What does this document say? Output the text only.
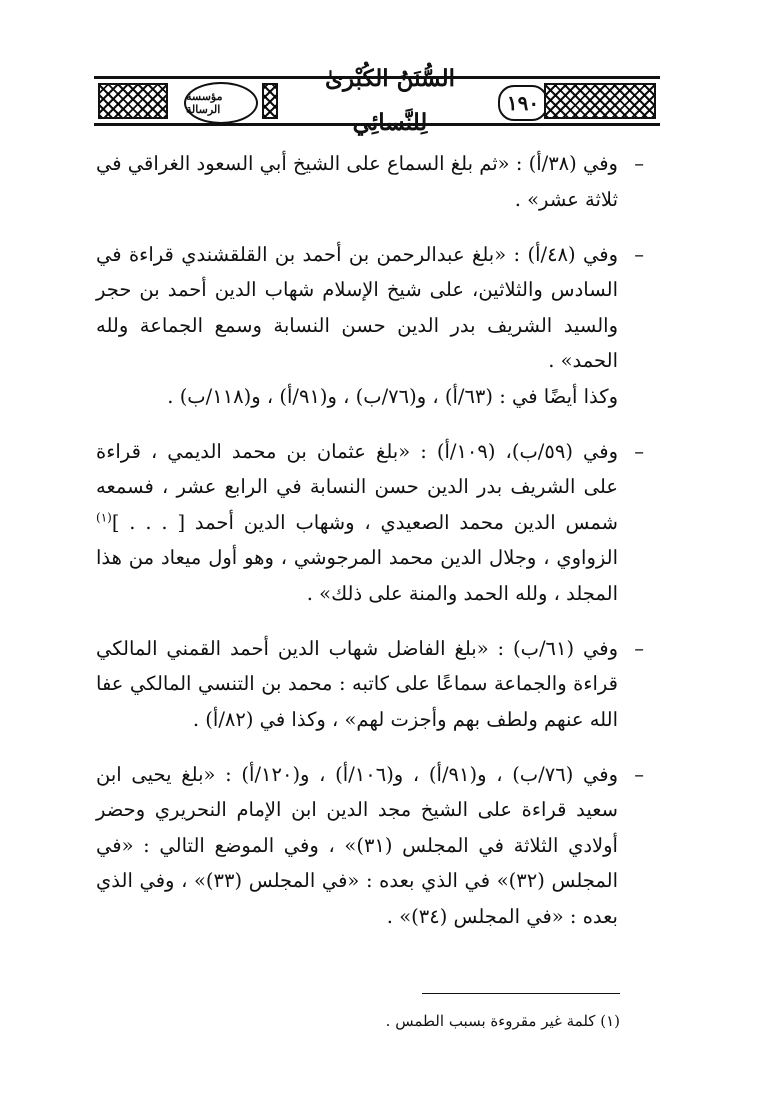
مؤسسة الرسالة
السُّنَنُ الكُبْرىٰ لِلنَّسائِي
١٩٠

–
وفي (٣٨/أ) : «ثم بلغ السماع على الشيخ أبي السعود الغراقي في ثلاثة عشر» .

–
وفي (٤٨/أ) : «بلغ عبدالرحمن بن أحمد بن القلقشندي قراءة في السادس والثلاثين، على شيخ الإسلام شهاب الدين أحمد بن حجر والسيد الشريف بدر الدين حسن النسابة وسمع الجماعة ولله الحمد» .
وكذا أيضًا في : (٦٣/أ) ، و(٧٦/ب) ، و(٩١/أ) ، و(١١٨/ب) .

–
وفي (٥٩/ب)، (١٠٩/أ) : «بلغ عثمان بن محمد الديمي ، قراءة على الشريف بدر الدين حسن النسابة في الرابع عشر ، فسمعه شمس الدين محمد الصعيدي ، وشهاب الدين أحمد [ . . . ]$^{(١)}$ الزواوي ، وجلال الدين محمد المرجوشي ، وهو أول ميعاد من هذا المجلد ، ولله الحمد والمنة على ذلك» .

–
وفي (٦١/ب) : «بلغ الفاضل شهاب الدين أحمد القمني المالكي قراءة والجماعة سماعًا على كاتبه : محمد بن التنسي المالكي عفا الله عنهم ولطف بهم وأجزت لهم» ، وكذا في (٨٢/أ) .

–
وفي (٧٦/ب) ، و(٩١/أ) ، و(١٠٦/أ) ، و(١٢٠/أ) : «بلغ يحيى ابن سعيد قراءة على الشيخ مجد الدين ابن الإمام النحريري وحضر أولادي الثلاثة في المجلس (٣١)» ، وفي الموضع التالي : «في المجلس (٣٢)» في الذي بعده : «في المجلس (٣٣)» ، وفي الذي بعده : «في المجلس (٣٤)» .

(١) كلمة غير مقروءة بسبب الطمس .
